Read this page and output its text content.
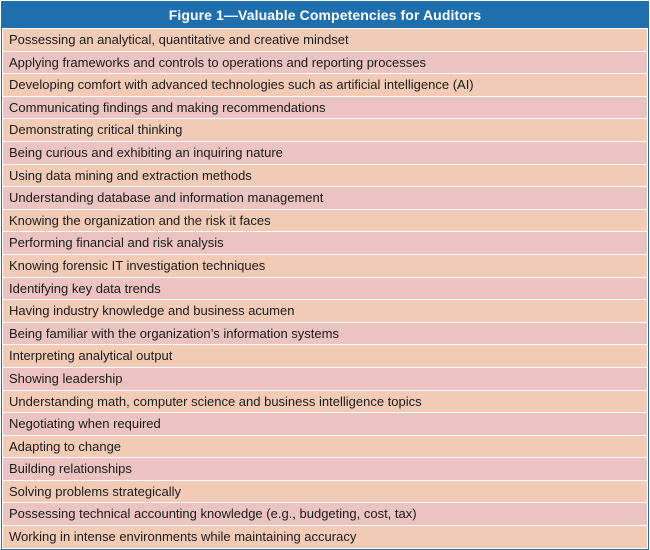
Figure 1—Valuable Competencies for Auditors
Possessing an analytical, quantitative and creative mindset
Applying frameworks and controls to operations and reporting processes
Developing comfort with advanced technologies such as artificial intelligence (AI)
Communicating findings and making recommendations
Demonstrating critical thinking
Being curious and exhibiting an inquiring nature
Using data mining and extraction methods
Understanding database and information management
Knowing the organization and the risk it faces
Performing financial and risk analysis
Knowing forensic IT investigation techniques
Identifying key data trends
Having industry knowledge and business acumen
Being familiar with the organization’s information systems
Interpreting analytical output
Showing leadership
Understanding math, computer science and business intelligence topics
Negotiating when required
Adapting to change
Building relationships
Solving problems strategically
Possessing technical accounting knowledge (e.g., budgeting, cost, tax)
Working in intense environments while maintaining accuracy
